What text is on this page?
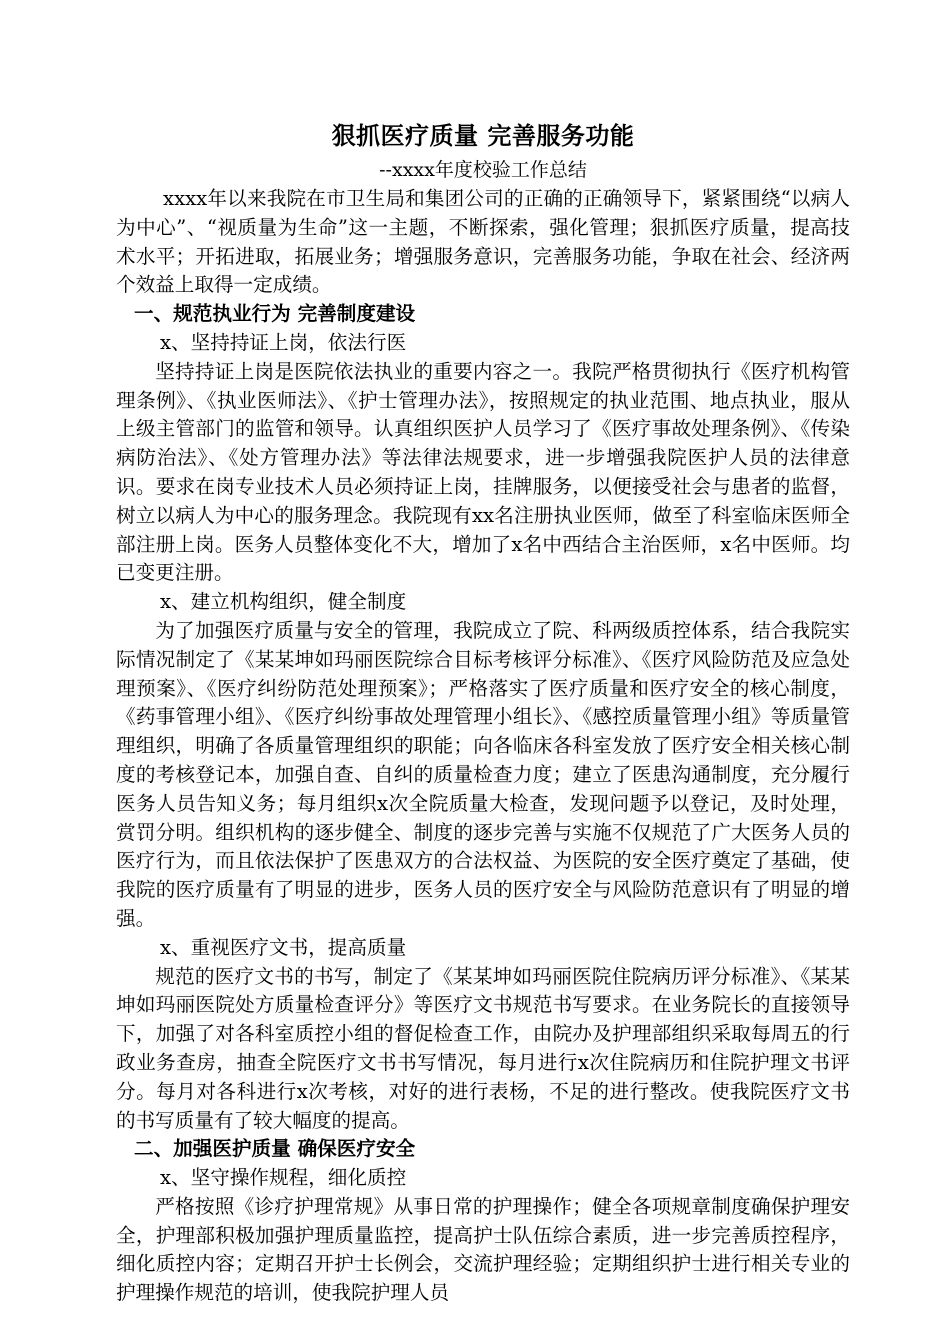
狠抓医疗质量 完善服务功能

--xxxx年度校验工作总结

xxxx年以来我院在市卫生局和集团公司的正确的正确领导下，紧紧围绕“以病人为中心”、“视质量为生命”这一主题，不断探索，强化管理；狠抓医疗质量，提高技术水平；开拓进取，拓展业务；增强服务意识，完善服务功能，争取在社会、经济两个效益上取得一定成绩。

一、规范执业行为 完善制度建设

x、坚持持证上岗，依法行医

坚持持证上岗是医院依法执业的重要内容之一。我院严格贯彻执行《医疗机构管理条例》、《执业医师法》、《护士管理办法》，按照规定的执业范围、地点执业，服从上级主管部门的监管和领导。认真组织医护人员学习了《医疗事故处理条例》、《传染病防治法》、《处方管理办法》等法律法规要求，进一步增强我院医护人员的法律意识。要求在岗专业技术人员必须持证上岗，挂牌服务，以便接受社会与患者的监督，树立以病人为中心的服务理念。我院现有xx名注册执业医师，做至了科室临床医师全部注册上岗。医务人员整体变化不大，增加了x名中西结合主治医师，x名中医师。均已变更注册。

x、建立机构组织，健全制度

为了加强医疗质量与安全的管理，我院成立了院、科两级质控体系，结合我院实际情况制定了《某某坤如玛丽医院综合目标考核评分标准》、《医疗风险防范及应急处理预案》、《医疗纠纷防范处理预案》；严格落实了医疗质量和医疗安全的核心制度，《药事管理小组》、《医疗纠纷事故处理管理小组长》、《感控质量管理小组》等质量管理组织，明确了各质量管理组织的职能；向各临床各科室发放了医疗安全相关核心制度的考核登记本，加强自查、自纠的质量检查力度；建立了医患沟通制度，充分履行医务人员告知义务；每月组织x次全院质量大检查，发现问题予以登记，及时处理，赏罚分明。组织机构的逐步健全、制度的逐步完善与实施不仅规范了广大医务人员的医疗行为，而且依法保护了医患双方的合法权益、为医院的安全医疗奠定了基础，使我院的医疗质量有了明显的进步，医务人员的医疗安全与风险防范意识有了明显的增强。

x、重视医疗文书，提高质量

规范的医疗文书的书写，制定了《某某坤如玛丽医院住院病历评分标准》、《某某坤如玛丽医院处方质量检查评分》等医疗文书规范书写要求。在业务院长的直接领导下，加强了对各科室质控小组的督促检查工作，由院办及护理部组织采取每周五的行政业务查房，抽查全院医疗文书书写情况，每月进行x次住院病历和住院护理文书评分。每月对各科进行x次考核，对好的进行表杨，不足的进行整改。使我院医疗文书的书写质量有了较大幅度的提高。

二、加强医护质量 确保医疗安全

x、坚守操作规程，细化质控

严格按照《诊疗护理常规》从事日常的护理操作；健全各项规章制度确保护理安全，护理部积极加强护理质量监控，提高护士队伍综合素质，进一步完善质控程序，细化质控内容；定期召开护士长例会，交流护理经验；定期组织护士进行相关专业的护理操作规范的培训，使我院护理人员
